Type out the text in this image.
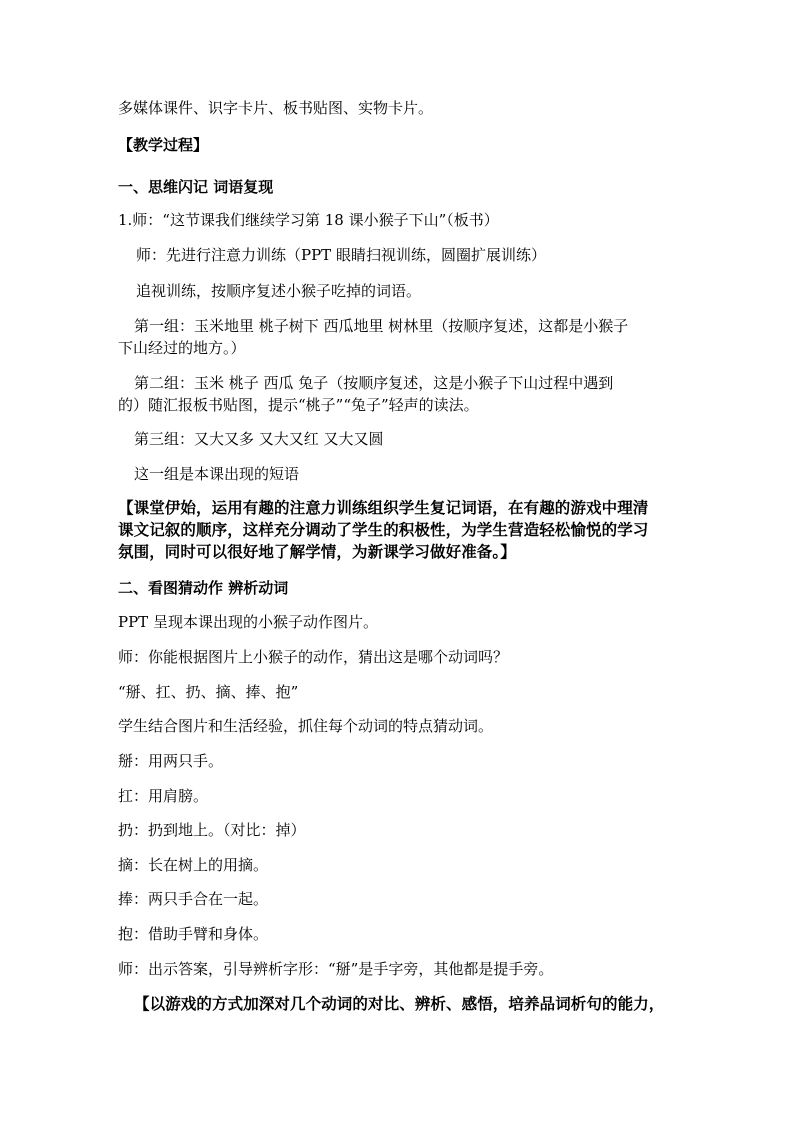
多媒体课件、识字卡片、板书贴图、实物卡片。
【教学过程】
一、思维闪记 词语复现
1.师：“这节课我们继续学习第 18 课小猴子下山”（板书）
师：先进行注意力训练（PPT 眼睛扫视训练，圆圈扩展训练）
追视训练，按顺序复述小猴子吃掉的词语。
第一组：玉米地里 桃子树下 西瓜地里 树林里（按顺序复述，这都是小猴子
下山经过的地方。）
第二组：玉米 桃子 西瓜 兔子（按顺序复述，这是小猴子下山过程中遇到
的）随汇报板书贴图，提示“桃子”“兔子”轻声的读法。
第三组：又大又多 又大又红 又大又圆
这一组是本课出现的短语
【课堂伊始，运用有趣的注意力训练组织学生复记词语，在有趣的游戏中理清
课文记叙的顺序，这样充分调动了学生的积极性，为学生营造轻松愉悦的学习
氛围，同时可以很好地了解学情，为新课学习做好准备。】
二、看图猜动作 辨析动词
PPT 呈现本课出现的小猴子动作图片。
师：你能根据图片上小猴子的动作，猜出这是哪个动词吗？
“掰、扛、扔、摘、捧、抱”
学生结合图片和生活经验，抓住每个动词的特点猜动词。
掰：用两只手。
扛：用肩膀。
扔：扔到地上。（对比：掉）
摘：长在树上的用摘。
捧：两只手合在一起。
抱：借助手臂和身体。
师：出示答案，引导辨析字形：“掰”是手字旁，其他都是提手旁。
【以游戏的方式加深对几个动词的对比、辨析、感悟，培养品词析句的能力，
